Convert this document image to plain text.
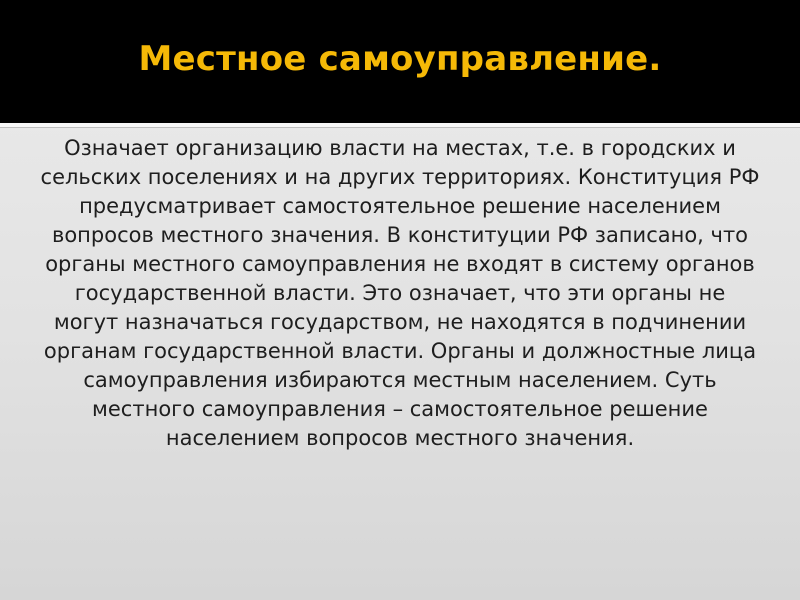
Местное самоуправление.

Означает организацию власти на местах, т.е. в городских и сельских поселениях и на других территориях. Конституция РФ предусматривает самостоятельное решение населением вопросов местного значения. В конституции РФ записано, что органы местного самоуправления не входят в систему органов государственной власти. Это означает, что эти органы не могут назначаться государством, не находятся в подчинении органам государственной власти. Органы и должностные лица самоуправления избираются местным населением. Суть местного самоуправления – самостоятельное решение населением вопросов местного значения.
